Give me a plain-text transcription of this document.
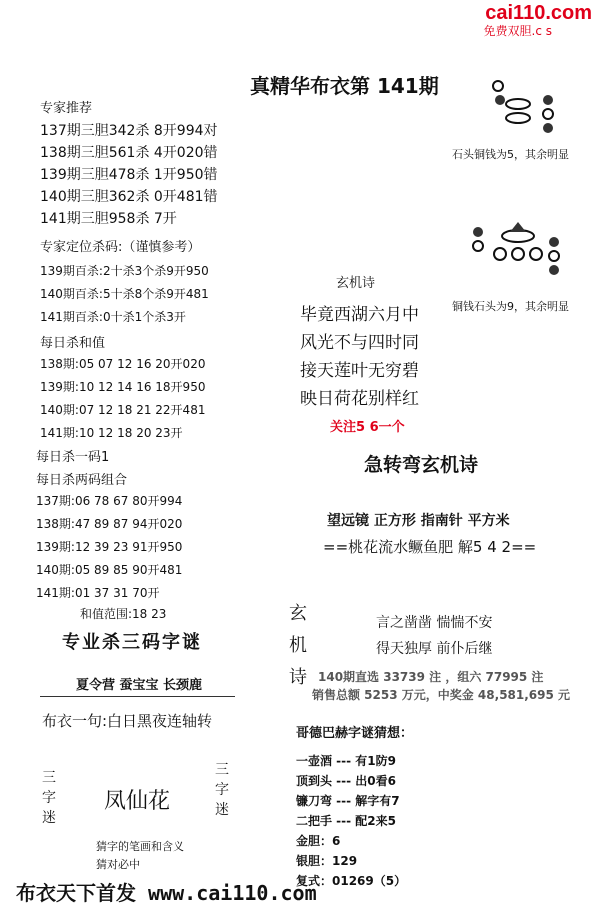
cai110.com
免费双胆.c s
真精华布衣第 141期
专家推荐
137期三胆342杀 8开994对
138期三胆561杀 4开020错
139期三胆478杀 1开950错
140期三胆362杀 0开481错
141期三胆958杀 7开
专家定位杀码:（谨慎参考）
139期百杀:2十杀3个杀9开950
140期百杀:5十杀8个杀9开481
141期百杀:0十杀1个杀3开
每日杀和值
138期:05 07 12 16 20开020
139期:10 12 14 16 18开950
140期:07 12 18 21 22开481
141期:10 12 18 20 23开
每日杀一码1
每日杀两码组合
137期:06 78 67 80开994
138期:47 89 87 94开020
139期:12 39 23 91开950
140期:05 89 85 90开481
141期:01 37 31 70开
和值范围:18 23
专业杀三码字谜
夏令营 蚕宝宝 长颈鹿
布衣一句:白日黑夜连轴转
三字迷
凤仙花
三字迷
猜字的笔画和含义
猜对必中
石头铜钱为5，其余明显
铜钱石头为9，其余明显
玄机诗
毕竟西湖六月中
风光不与四时同
接天莲叶无穷碧
映日荷花别样红
关注5 6一个
急转弯玄机诗
望远镜 正方形 指南针 平方米
==桃花流水鳜鱼肥 解5 4 2==
玄机诗
言之凿凿 惴惴不安
得天独厚 前仆后继
140期直选 33739 注 ，组六 77995 注
销售总额 5253 万元，中奖金 48,581,695 元
哥德巴赫字谜猜想：
一壶酒 --- 有1防9
顶到头 --- 出0看6
镰刀弯 --- 解字有7
二把手 --- 配2来5
金胆：6
银胆：129
复式：01269（5）
布衣天下首发 www.cai110.com
